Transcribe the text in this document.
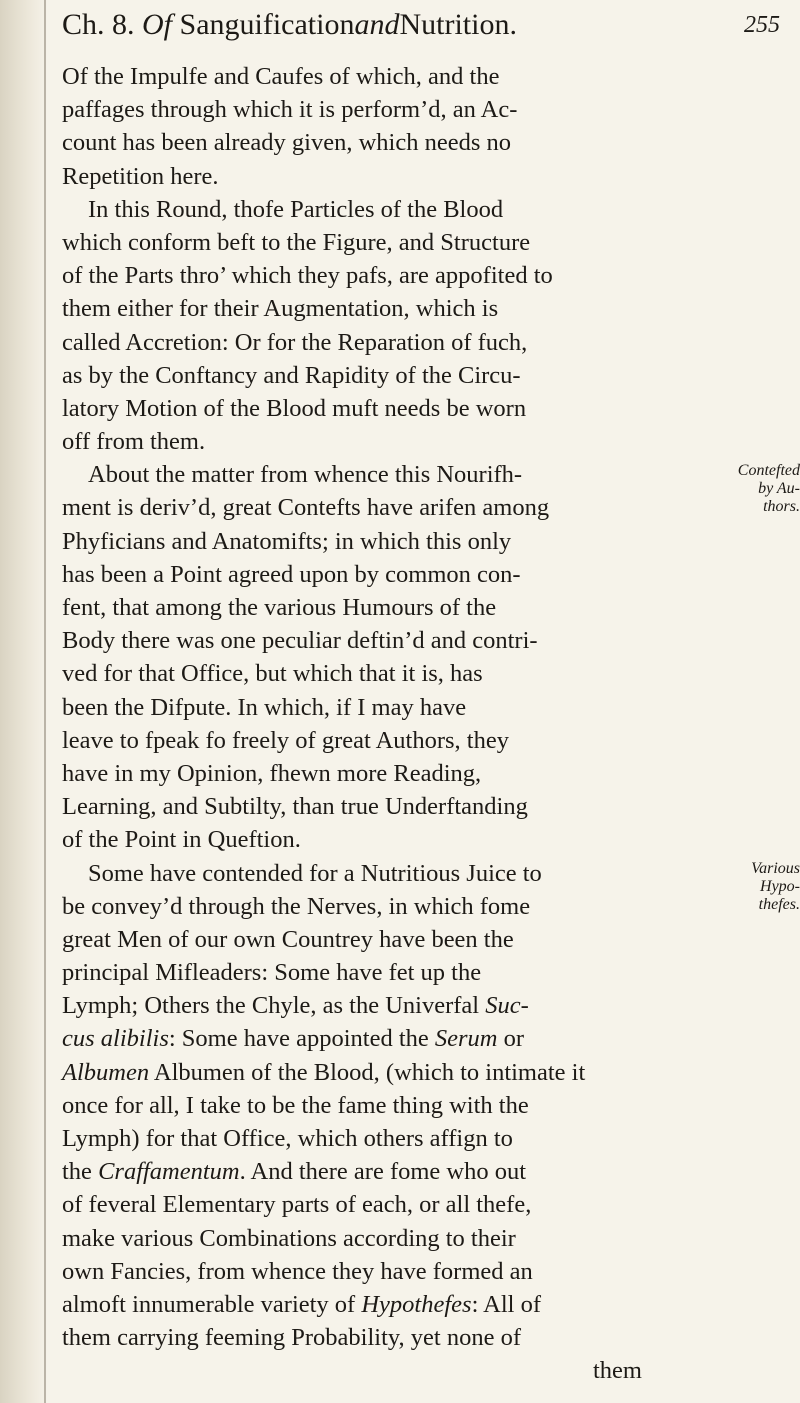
Ch. 8. Of SanguificationandNutrition.	255
Of the Impulfe and Caufes of which, and the
paffages through which it is perform’d, an Ac-
count has been already given, which needs no
Repetition here.
In this Round, thofe Particles of the Blood
which conform beft to the Figure, and Structure
of the Parts thro’ which they pafs, are appofited to
them either for their Augmentation, which is
called Accretion: Or for the Reparation of fuch,
as by the Conftancy and Rapidity of the Circu-
latory Motion of the Blood muft needs be worn
off from them.
About the matter from whence this Nourifh-
ment is deriv’d, great Contefts have arifen among
Phyficians and Anatomifts; in which this only
has been a Point agreed upon by common con-
fent, that among the various Humours of the
Body there was one peculiar deftin’d and contri-
ved for that Office, but which that it is, has
been the Difpute. In which, if I may have
leave to fpeak fo freely of great Authors, they
have in my Opinion, fhewn more Reading,
Learning, and Subtilty, than true Underftanding
of the Point in Queftion.
Some have contended for a Nutritious Juice to
be convey’d through the Nerves, in which fome
great Men of our own Countrey have been the
principal Mifleaders: Some have fet up the
Lymph; Others the Chyle, as the Univerfal Suc-
cus alibilis: Some have appointed the Serum or
Albumen Albumen of the Blood, (which to intimate it
once for all, I take to be the fame thing with the
Lymph) for that Office, which others affign to
the Craffamentum. And there are fome who out
of feveral Elementary parts of each, or all thefe,
make various Combinations according to their
own Fancies, from whence they have formed an
almoft innumerable variety of Hypothefes: All of
them carrying feeming Probability, yet none of
them
Contefted
by Au-
thors.
Various
Hypo-
thefes.
